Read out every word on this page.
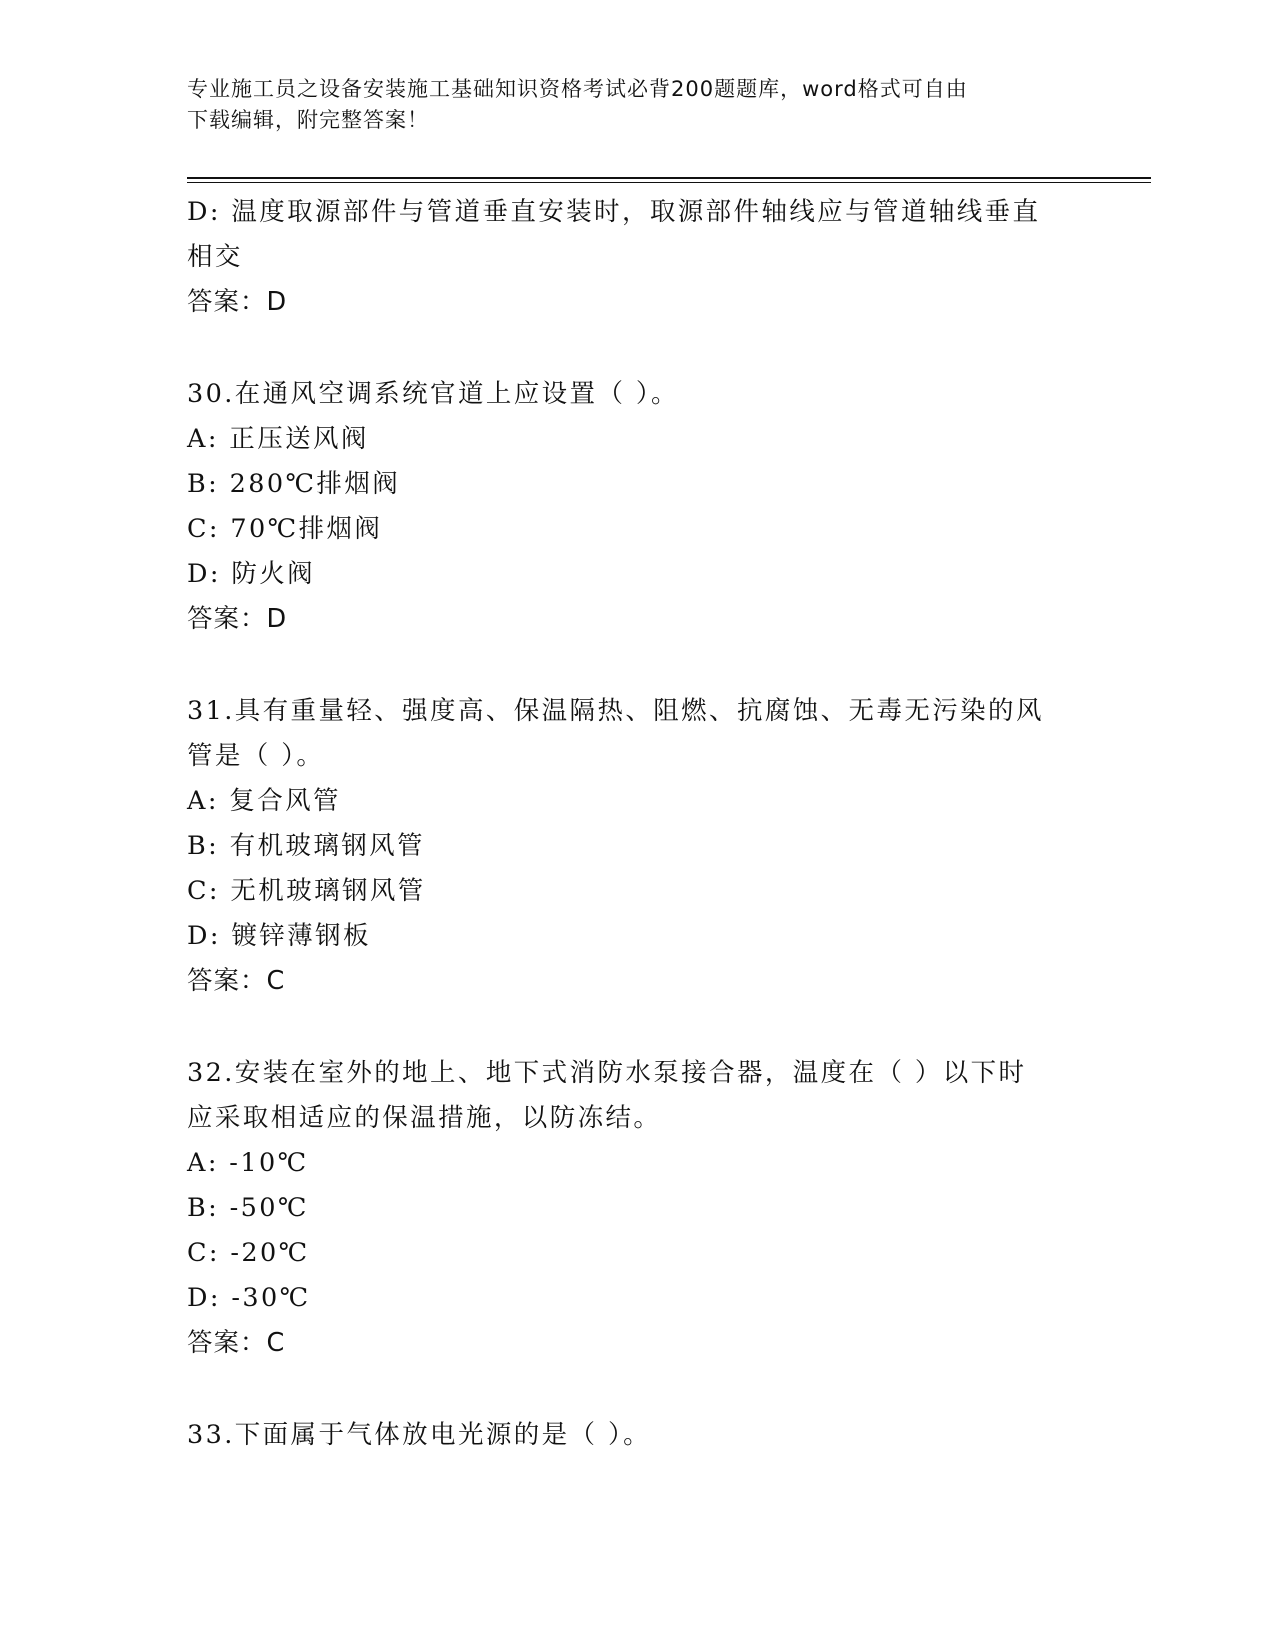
专业施工员之设备安装施工基础知识资格考试必背200题题库，word格式可自由
下载编辑，附完整答案！
D: 温度取源部件与管道垂直安装时，取源部件轴线应与管道轴线垂直
相交
答案：D
30.在通风空调系统官道上应设置（ ）。
A: 正压送风阀
B: 280℃排烟阀
C: 70℃排烟阀
D: 防火阀
答案：D
31.具有重量轻、强度高、保温隔热、阻燃、抗腐蚀、无毒无污染的风
管是（ ）。
A: 复合风管
B: 有机玻璃钢风管
C: 无机玻璃钢风管
D: 镀锌薄钢板
答案：C
32.安装在室外的地上、地下式消防水泵接合器，温度在（ ）以下时
应采取相适应的保温措施，以防冻结。
A: -10℃
B: -50℃
C: -20℃
D: -30℃
答案：C
33.下面属于气体放电光源的是（ ）。
